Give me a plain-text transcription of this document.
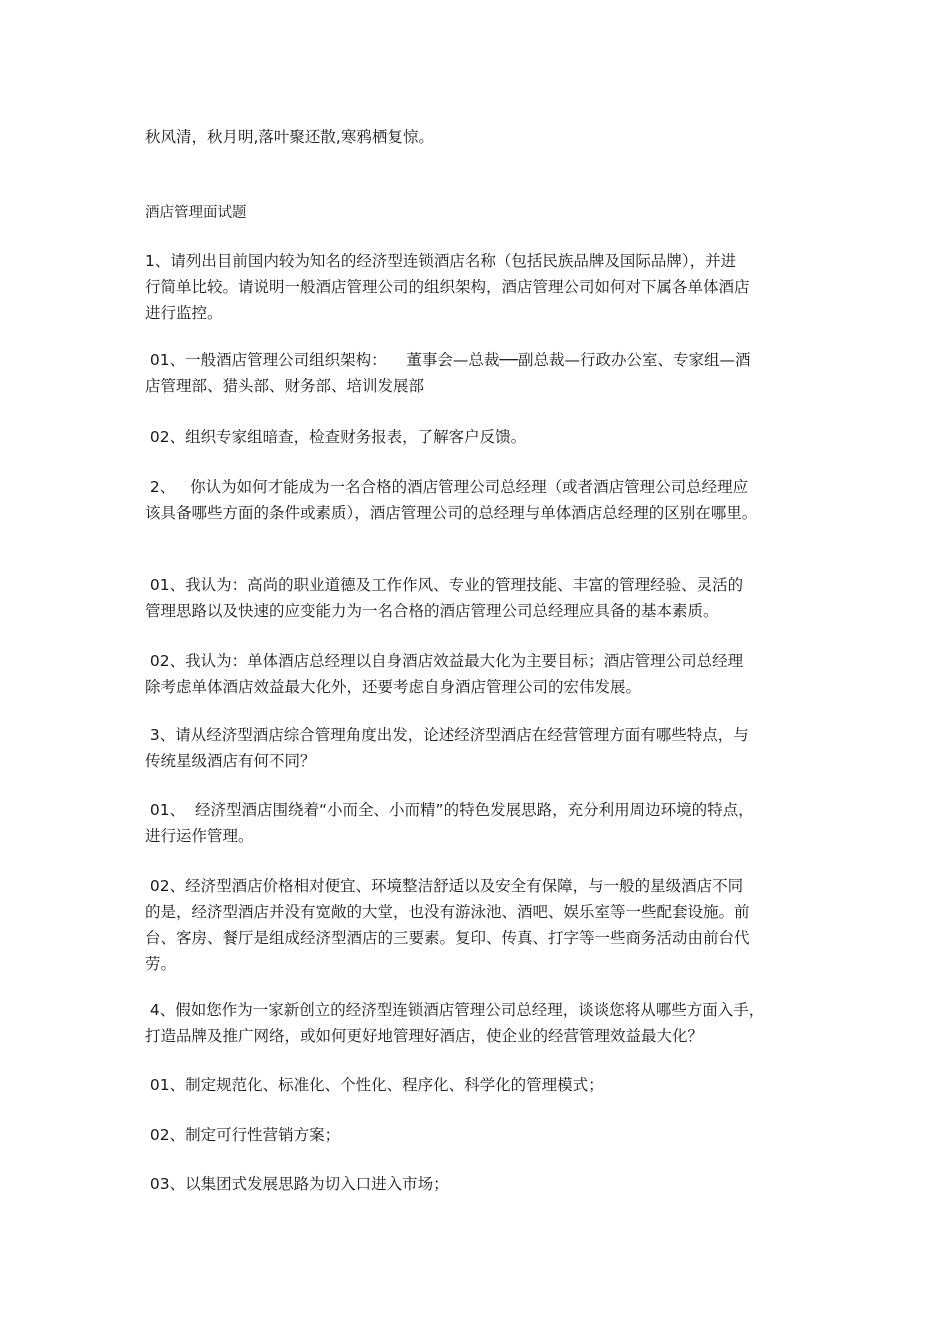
秋风清，秋月明,落叶聚还散,寒鸦栖复惊。

酒店管理面试题

1、请列出目前国内较为知名的经济型连锁酒店名称（包括民族品牌及国际品牌），并进
行简单比较。请说明一般酒店管理公司的组织架构，酒店管理公司如何对下属各单体酒店
进行监控。

01、一般酒店管理公司组织架构：    董事会—总裁──副总裁—行政办公室、专家组—酒
店管理部、猎头部、财务部、培训发展部

02、组织专家组暗查，检查财务报表，了解客户反馈。

2、   你认为如何才能成为一名合格的酒店管理公司总经理（或者酒店管理公司总经理应
该具备哪些方面的条件或素质），酒店管理公司的总经理与单体酒店总经理的区别在哪里。

01、我认为：高尚的职业道德及工作作风、专业的管理技能、丰富的管理经验、灵活的
管理思路以及快速的应变能力为一名合格的酒店管理公司总经理应具备的基本素质。

02、我认为：单体酒店总经理以自身酒店效益最大化为主要目标；酒店管理公司总经理
除考虑单体酒店效益最大化外，还要考虑自身酒店管理公司的宏伟发展。

3、请从经济型酒店综合管理角度出发，论述经济型酒店在经营管理方面有哪些特点，与
传统星级酒店有何不同？

01、  经济型酒店围绕着“小而全、小而精”的特色发展思路，充分利用周边环境的特点，
进行运作管理。

02、经济型酒店价格相对便宜、环境整洁舒适以及安全有保障，与一般的星级酒店不同
的是，经济型酒店并没有宽敞的大堂，也没有游泳池、酒吧、娱乐室等一些配套设施。前
台、客房、餐厅是组成经济型酒店的三要素。复印、传真、打字等一些商务活动由前台代
劳。

4、假如您作为一家新创立的经济型连锁酒店管理公司总经理，谈谈您将从哪些方面入手，
打造品牌及推广网络，或如何更好地管理好酒店，使企业的经营管理效益最大化？

01、制定规范化、标准化、个性化、程序化、科学化的管理模式；

02、制定可行性营销方案；

03、以集团式发展思路为切入口进入市场；
